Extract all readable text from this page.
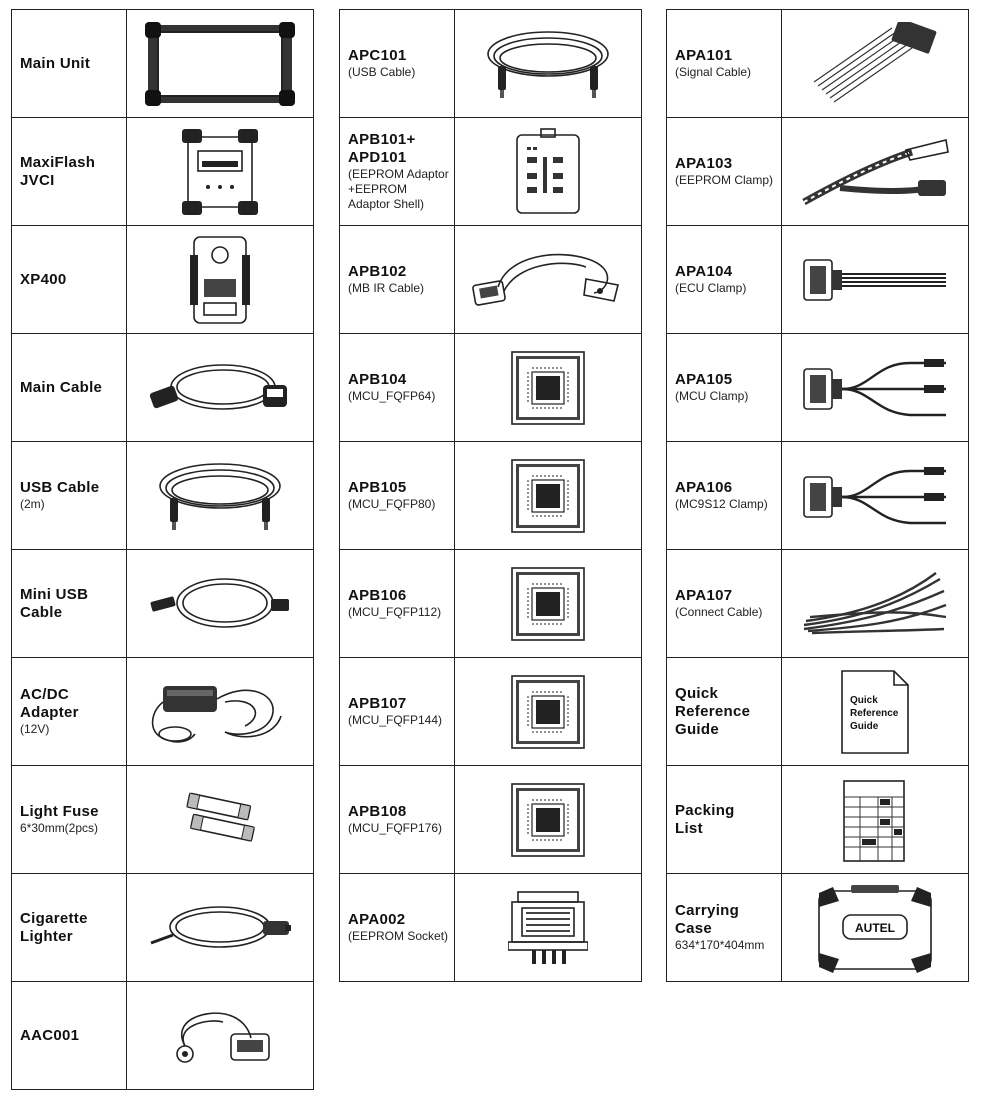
Main Unit

MaxiFlash
JVCI

XP400

Main Cable

USB Cable
(2m)

Mini USB
Cable

AC/DC
Adapter
(12V)

Light Fuse
6*30mm(2pcs)

Cigarette
Lighter

AAC001

APC101
(USB Cable)

APB101+
APD101
(EEPROM Adaptor
+EEPROM
Adaptor Shell)

APB102
(MB IR Cable)

APB104
(MCU_FQFP64)

APB105
(MCU_FQFP80)

APB106
(MCU_FQFP112)

APB107
(MCU_FQFP144)

APB108
(MCU_FQFP176)

APA002
(EEPROM Socket)

APA101
(Signal Cable)

APA103
(EEPROM Clamp)

APA104
(ECU Clamp)

APA105
(MCU Clamp)

APA106
(MC9S12 Clamp)

APA107
(Connect Cable)

Quick
Reference
Guide	Quick Reference Guide

Packing
List

Carrying
Case
634*170*404mm	AUTEL
